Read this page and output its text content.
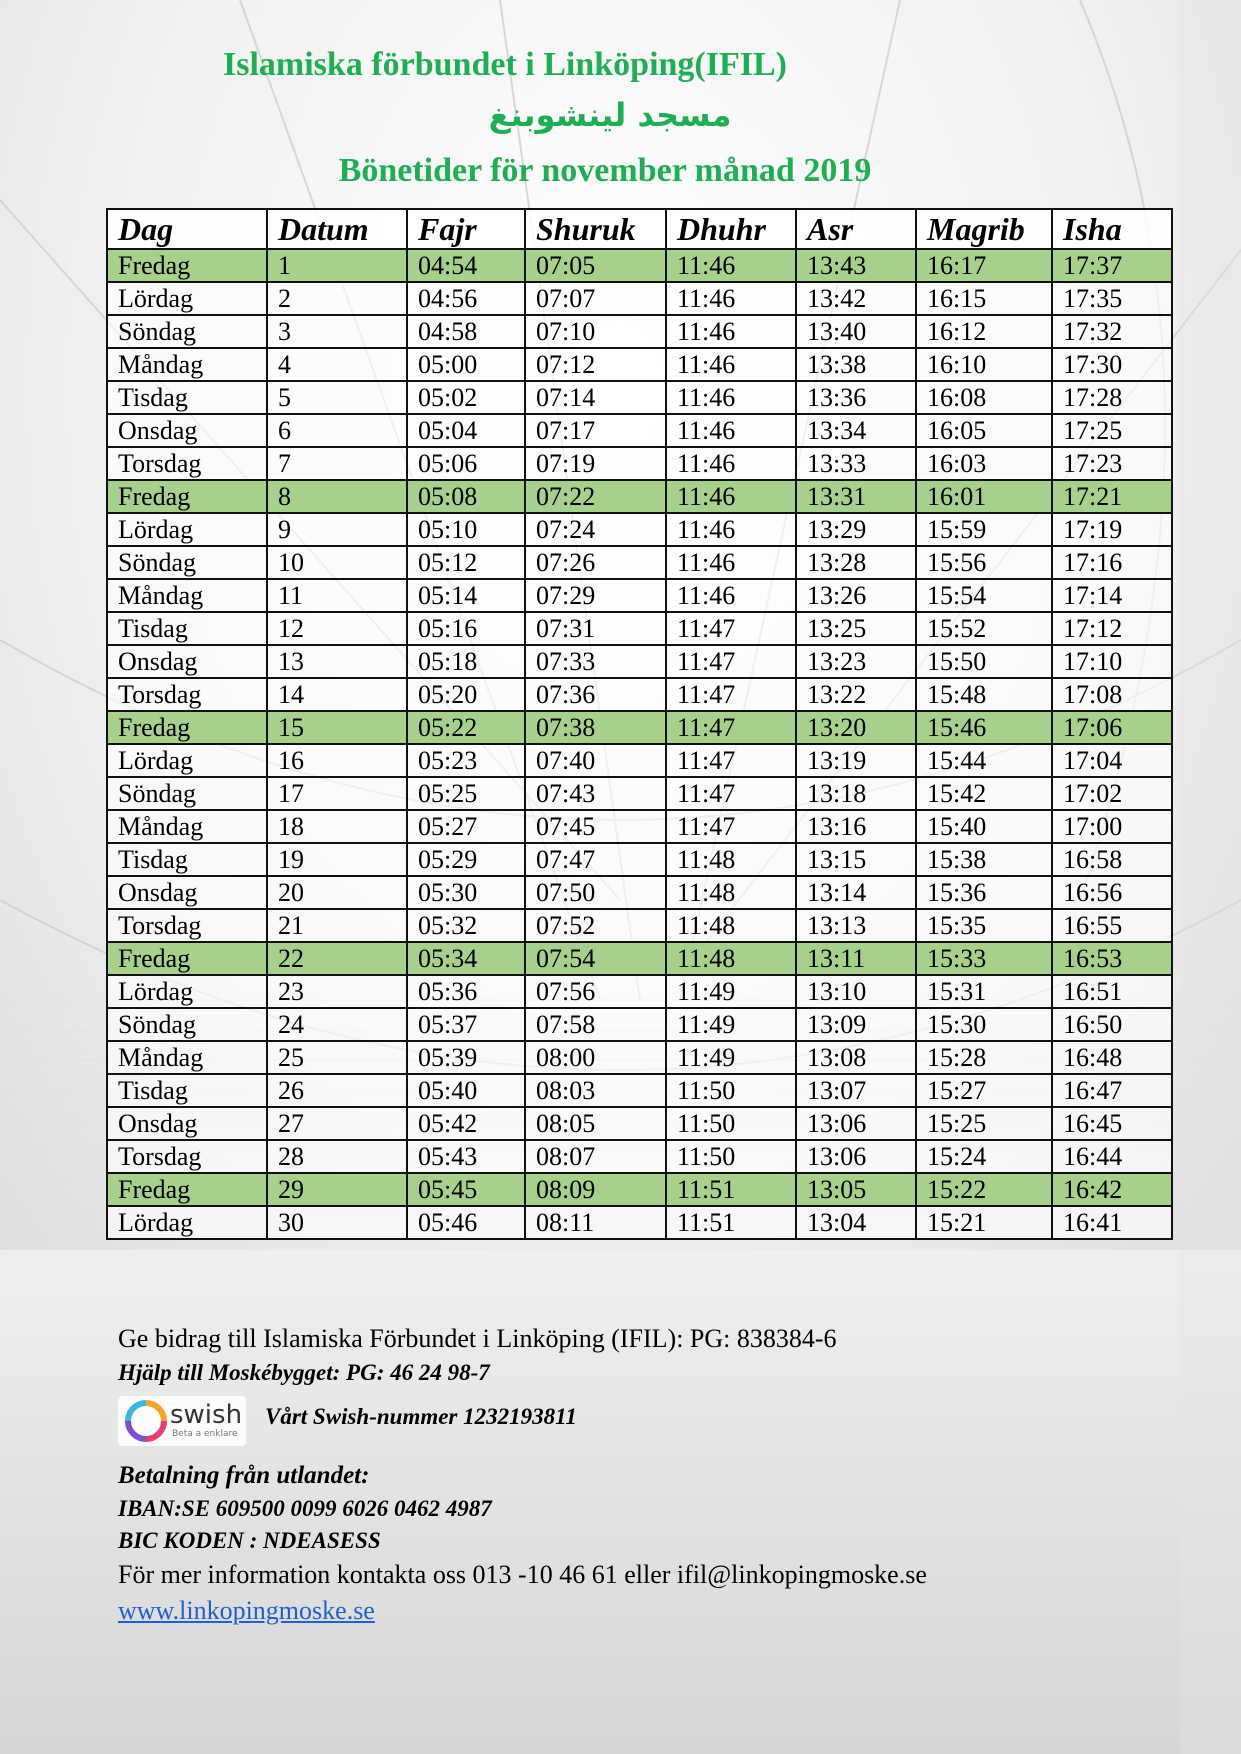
Islamiska förbundet i Linköping(IFIL)
مسجد لينشوبنغ
Bönetider för november månad 2019
Dag	Datum	Fajr	Shuruk	Dhuhr	Asr	Magrib	Isha
Fredag	1	04:54	07:05	11:46	13:43	16:17	17:37
Lördag	2	04:56	07:07	11:46	13:42	16:15	17:35
Söndag	3	04:58	07:10	11:46	13:40	16:12	17:32
Måndag	4	05:00	07:12	11:46	13:38	16:10	17:30
Tisdag	5	05:02	07:14	11:46	13:36	16:08	17:28
Onsdag	6	05:04	07:17	11:46	13:34	16:05	17:25
Torsdag	7	05:06	07:19	11:46	13:33	16:03	17:23
Fredag	8	05:08	07:22	11:46	13:31	16:01	17:21
Lördag	9	05:10	07:24	11:46	13:29	15:59	17:19
Söndag	10	05:12	07:26	11:46	13:28	15:56	17:16
Måndag	11	05:14	07:29	11:46	13:26	15:54	17:14
Tisdag	12	05:16	07:31	11:47	13:25	15:52	17:12
Onsdag	13	05:18	07:33	11:47	13:23	15:50	17:10
Torsdag	14	05:20	07:36	11:47	13:22	15:48	17:08
Fredag	15	05:22	07:38	11:47	13:20	15:46	17:06
Lördag	16	05:23	07:40	11:47	13:19	15:44	17:04
Söndag	17	05:25	07:43	11:47	13:18	15:42	17:02
Måndag	18	05:27	07:45	11:47	13:16	15:40	17:00
Tisdag	19	05:29	07:47	11:48	13:15	15:38	16:58
Onsdag	20	05:30	07:50	11:48	13:14	15:36	16:56
Torsdag	21	05:32	07:52	11:48	13:13	15:35	16:55
Fredag	22	05:34	07:54	11:48	13:11	15:33	16:53
Lördag	23	05:36	07:56	11:49	13:10	15:31	16:51
Söndag	24	05:37	07:58	11:49	13:09	15:30	16:50
Måndag	25	05:39	08:00	11:49	13:08	15:28	16:48
Tisdag	26	05:40	08:03	11:50	13:07	15:27	16:47
Onsdag	27	05:42	08:05	11:50	13:06	15:25	16:45
Torsdag	28	05:43	08:07	11:50	13:06	15:24	16:44
Fredag	29	05:45	08:09	11:51	13:05	15:22	16:42
Lördag	30	05:46	08:11	11:51	13:04	15:21	16:41
Ge bidrag till Islamiska Förbundet i Linköping (IFIL): PG: 838384-6
Hjälp till Moskébygget: PG: 46 24 98-7
swish
Beta a enklare
Vårt Swish-nummer 1232193811
Betalning från utlandet:
IBAN:SE 609500 0099 6026 0462 4987
BIC KODEN : NDEASESS
För mer information kontakta oss 013 -10 46 61 eller ifil@linkopingmoske.se
www.linkopingmoske.se
